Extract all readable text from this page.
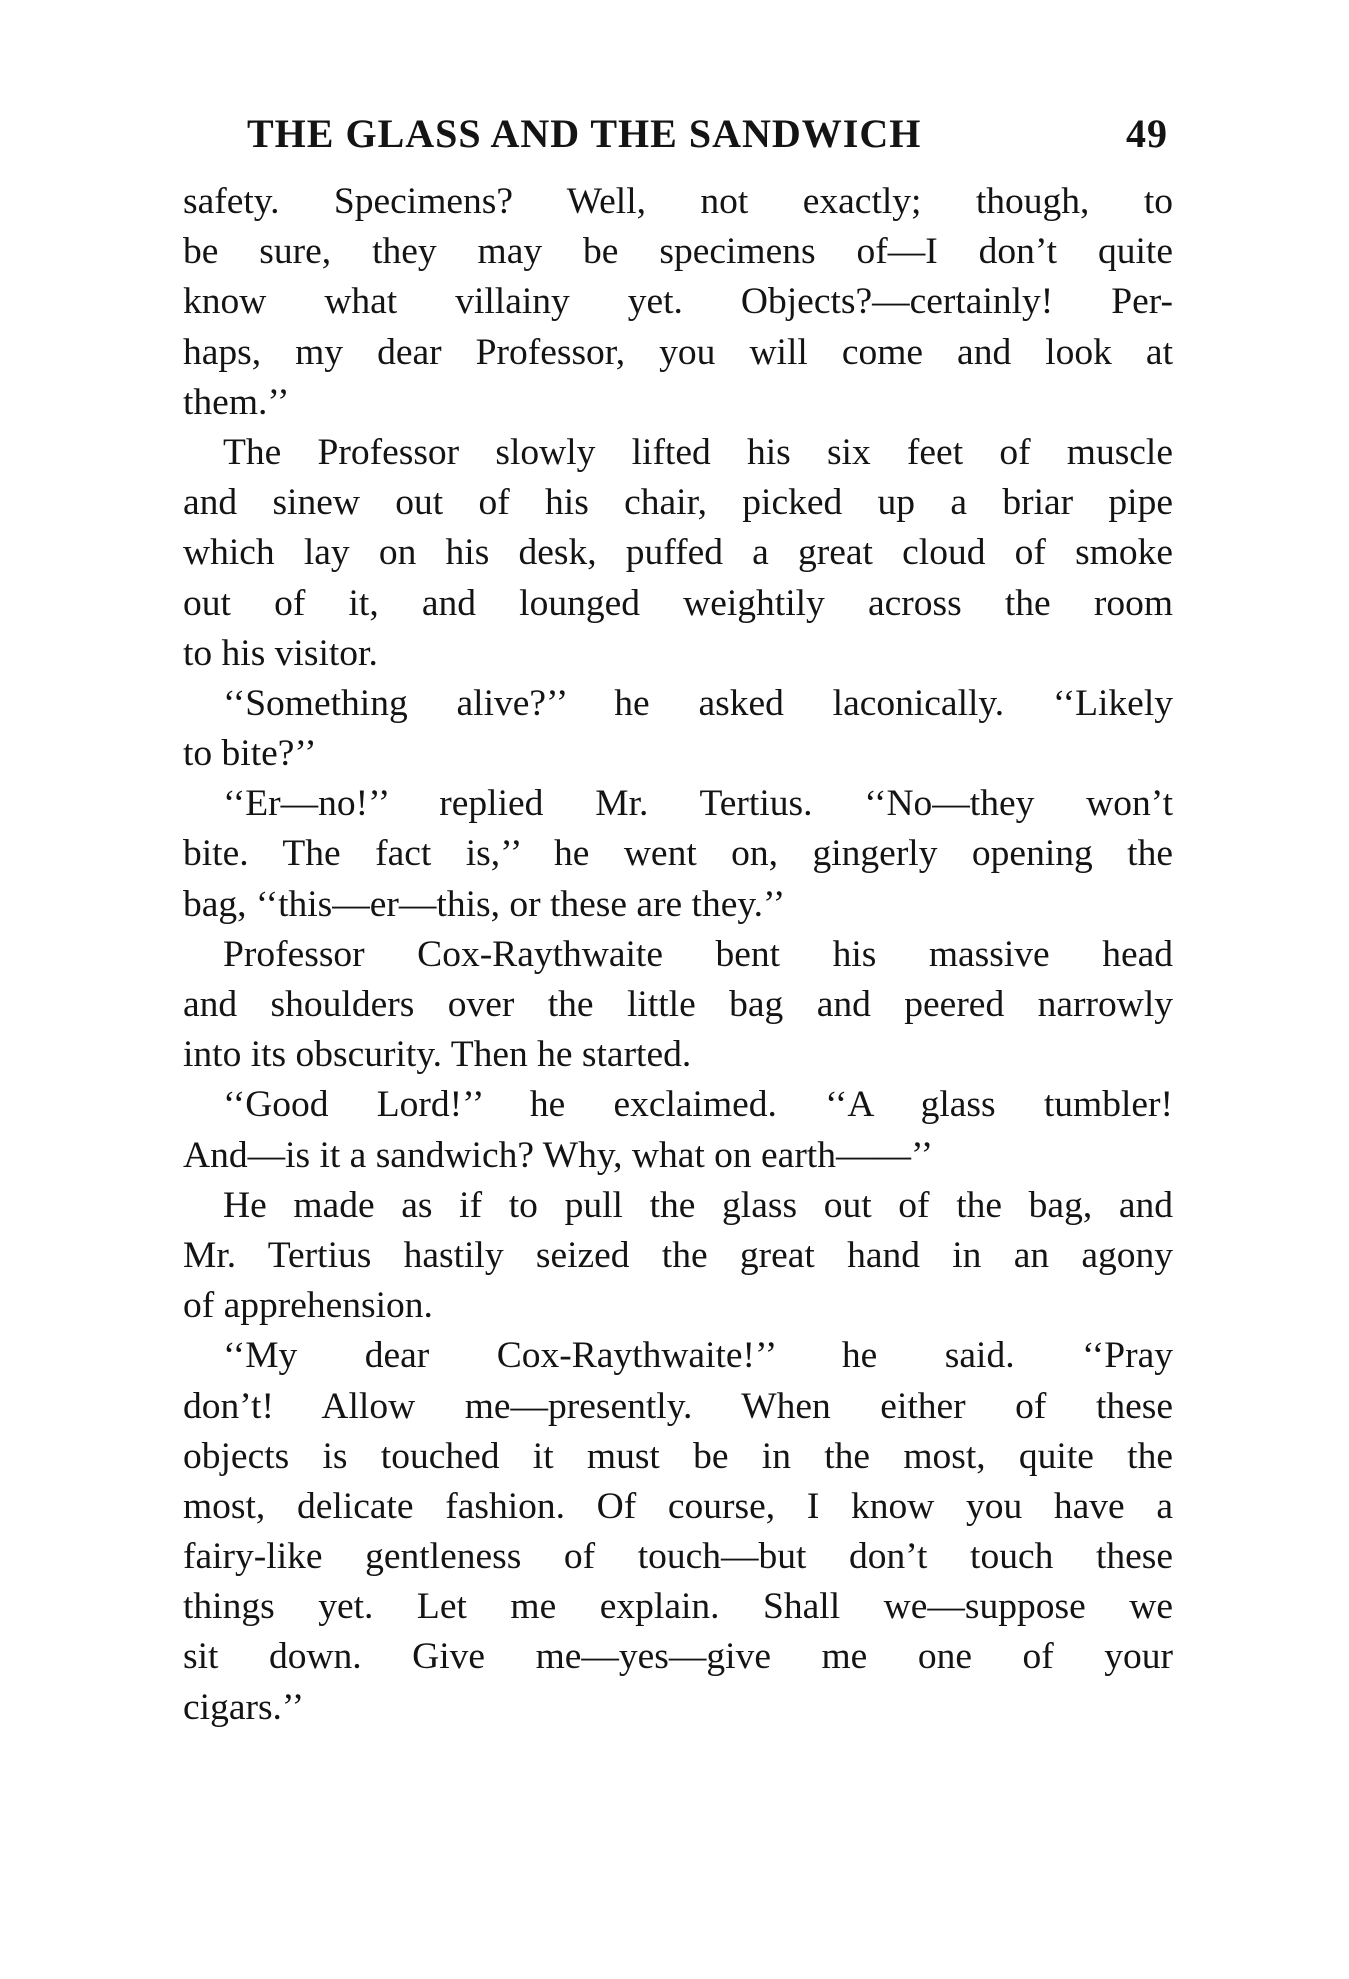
THE GLASS AND THE SANDWICH	49

safety. Specimens? Well, not exactly; though, to
be sure, they may be specimens of—I don’t quite
know what villainy yet. Objects?—certainly! Per-
haps, my dear Professor, you will come and look at
them.’’

The Professor slowly lifted his six feet of muscle
and sinew out of his chair, picked up a briar pipe
which lay on his desk, puffed a great cloud of smoke
out of it, and lounged weightily across the room
to his visitor.

‘‘Something alive?’’ he asked laconically. ‘‘Likely
to bite?’’

‘‘Er—no!’’ replied Mr. Tertius. ‘‘No—they won’t
bite. The fact is,’’ he went on, gingerly opening the
bag, ‘‘this—er—this, or these are they.’’

Professor Cox-Raythwaite bent his massive head
and shoulders over the little bag and peered narrowly
into its obscurity. Then he started.

‘‘Good Lord!’’ he exclaimed. ‘‘A glass tumbler!
And—is it a sandwich? Why, what on earth——’’

He made as if to pull the glass out of the bag, and
Mr. Tertius hastily seized the great hand in an agony
of apprehension.

‘‘My dear Cox-Raythwaite!’’ he said. ‘‘Pray
don’t! Allow me—presently. When either of these
objects is touched it must be in the most, quite the
most, delicate fashion. Of course, I know you have a
fairy-like gentleness of touch—but don’t touch these
things yet. Let me explain. Shall we—suppose we
sit down. Give me—yes—give me one of your
cigars.’’
